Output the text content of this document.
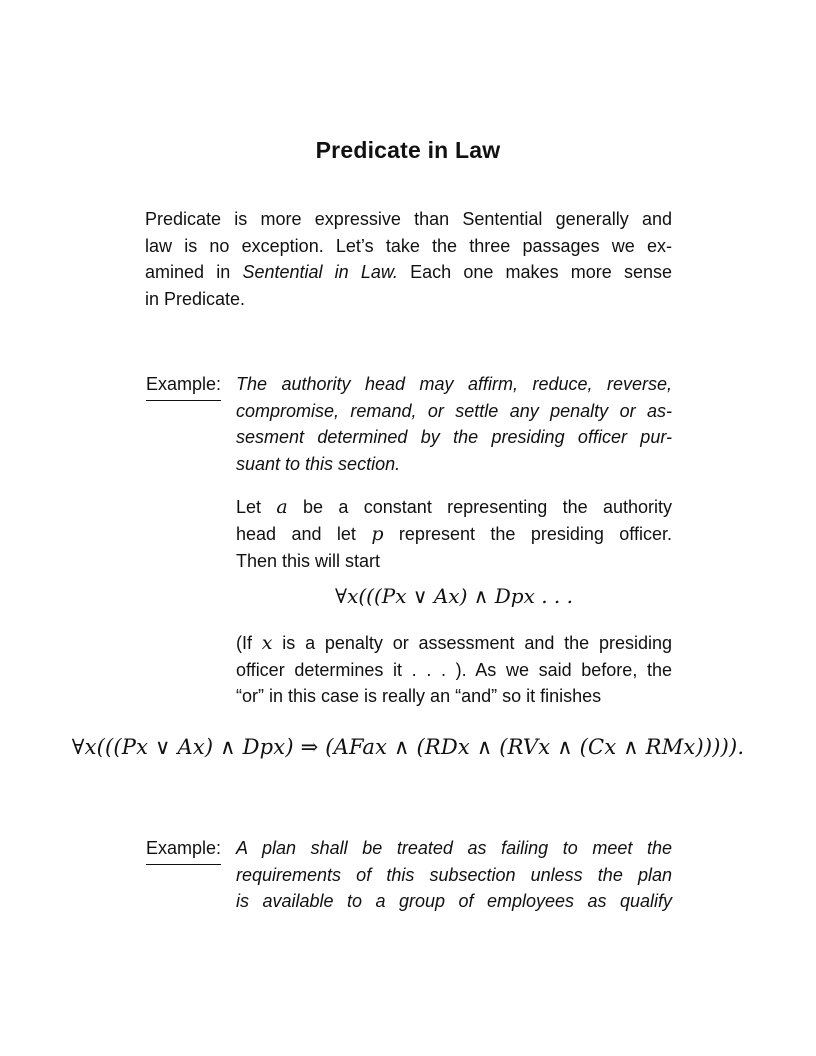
Predicate in Law
Predicate is more expressive than Sentential generally and
law is no exception. Let’s take the three passages we ex-
amined in Sentential in Law. Each one makes more sense
in Predicate.
Example: The authority head may affirm, reduce, reverse,
compromise, remand, or settle any penalty or as-
sesment determined by the presiding officer pur-
suant to this section.
Let a be a constant representing the authority
head and let p represent the presiding officer.
Then this will start
∀x(((Px ∨ Ax) ∧ Dpx . . .
(If x is a penalty or assessment and the presiding
officer determines it . . . ). As we said before, the
“or” in this case is really an “and” so it finishes
∀x(((Px ∨ Ax) ∧ Dpx) ⇒ (AFax ∧ (RDx ∧ (RVx ∧ (Cx ∧ RMx))))).
Example: A plan shall be treated as failing to meet the
requirements of this subsection unless the plan
is available to a group of employees as qualify
